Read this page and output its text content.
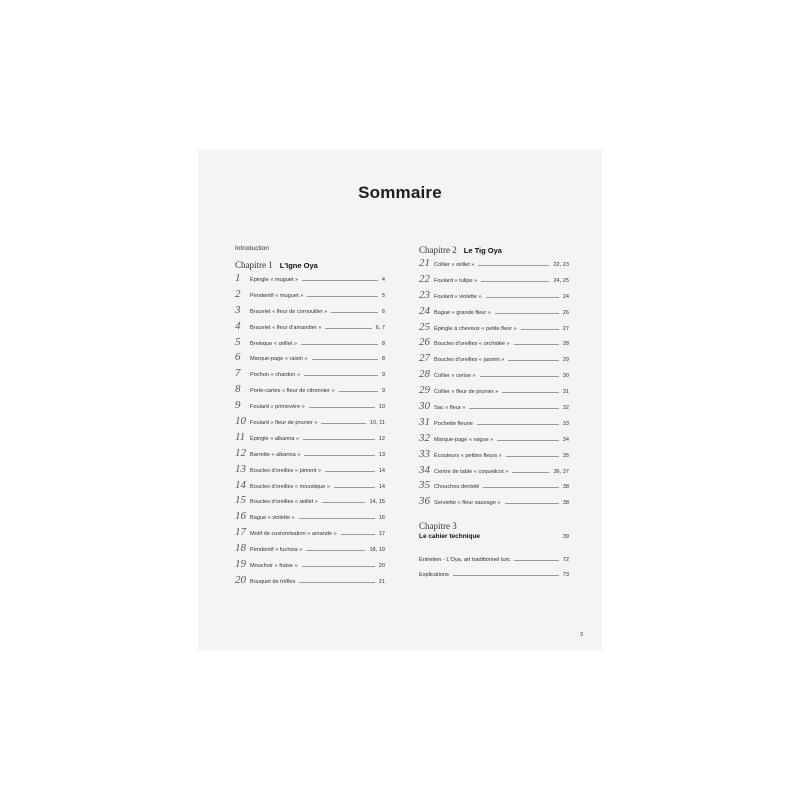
Sommaire
Introduction
Chapitre 1 L'Igne Oya
1	Épingle « muguet »	4
2	Pendentif « muguet »	5
3	Bracelet « fleur de cornouiller »	6
4	Bracelet « fleur d'amandier »	6, 7
5	Breloque « œillet »	8
6	Marque-page « raisin »	8
7	Pochon « chardon »	9
8	Porte-cartes « fleur de citronnier »	9
9	Foulard « primevère »	10
10 Foulard « fleur de prunier »	10, 11
11 Épingle « alkanna »	12
12 Barrette « alkanna »	13
13 Boucles d'oreilles « piment »	14
14 Boucles d'oreilles « moustique »	14
15 Boucles d'oreilles « œillet »	14, 15
16 Bague « violette »	16
17 Motif de customisation « amande »	17
18 Pendentif « fuchsia »	18, 19
19 Mouchoir « fraise »	20
20 Bouquet de trèfles	21
Chapitre 2 Le Tig Oya
21 Collier « œillet »	22, 23
22 Foulard « tulipe »	24, 25
23 Foulard « violette »	24
24 Bague « grande fleur »	26
25 Épingle à cheveux « petite fleur »	27
26 Boucles d'oreilles « orchidée »	28
27 Boucles d'oreilles « jasmin »	29
28 Collier « cerise »	30
29 Collier « fleur de prunier »	31
30 Sac « fleur »	32
31 Pochette fleurie	33
32 Marque-page « vague »	34
33 Écouteurs « petites fleurs »	35
34 Centre de table « coquelicot »	36, 37
35 Chouchou dentelé	38
36 Serviette « fleur sauvage »	38
Chapitre 3
Le cahier technique	39
Entretien - L'Oya, art traditionnel turc	72
Explications	73
3
